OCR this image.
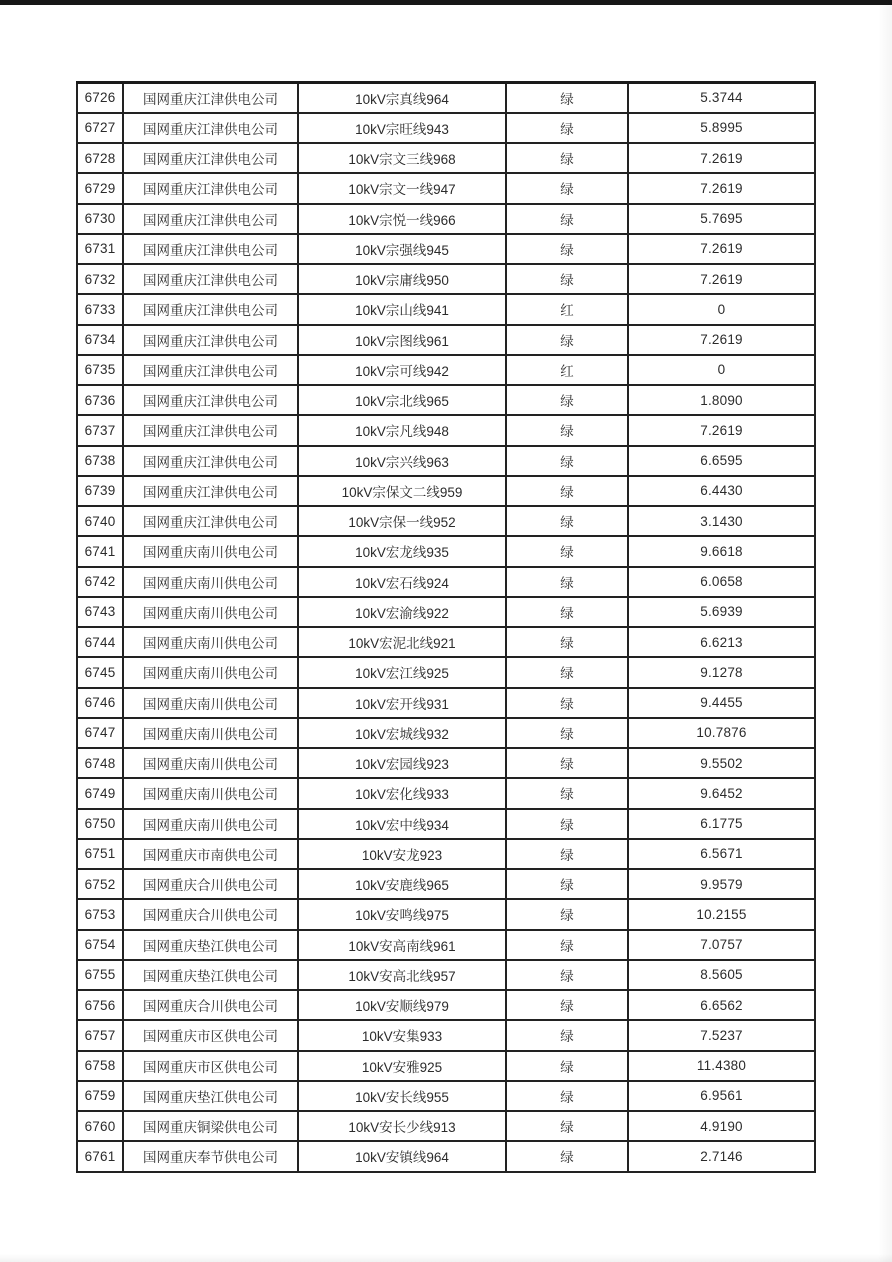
6726	国网重庆江津供电公司	10kV宗真线964	绿	5.3744
6727	国网重庆江津供电公司	10kV宗旺线943	绿	5.8995
6728	国网重庆江津供电公司	10kV宗文三线968	绿	7.2619
6729	国网重庆江津供电公司	10kV宗文一线947	绿	7.2619
6730	国网重庆江津供电公司	10kV宗悦一线966	绿	5.7695
6731	国网重庆江津供电公司	10kV宗强线945	绿	7.2619
6732	国网重庆江津供电公司	10kV宗庸线950	绿	7.2619
6733	国网重庆江津供电公司	10kV宗山线941	红	0
6734	国网重庆江津供电公司	10kV宗图线961	绿	7.2619
6735	国网重庆江津供电公司	10kV宗可线942	红	0
6736	国网重庆江津供电公司	10kV宗北线965	绿	1.8090
6737	国网重庆江津供电公司	10kV宗凡线948	绿	7.2619
6738	国网重庆江津供电公司	10kV宗兴线963	绿	6.6595
6739	国网重庆江津供电公司	10kV宗保文二线959	绿	6.4430
6740	国网重庆江津供电公司	10kV宗保一线952	绿	3.1430
6741	国网重庆南川供电公司	10kV宏龙线935	绿	9.6618
6742	国网重庆南川供电公司	10kV宏石线924	绿	6.0658
6743	国网重庆南川供电公司	10kV宏渝线922	绿	5.6939
6744	国网重庆南川供电公司	10kV宏泥北线921	绿	6.6213
6745	国网重庆南川供电公司	10kV宏江线925	绿	9.1278
6746	国网重庆南川供电公司	10kV宏开线931	绿	9.4455
6747	国网重庆南川供电公司	10kV宏城线932	绿	10.7876
6748	国网重庆南川供电公司	10kV宏园线923	绿	9.5502
6749	国网重庆南川供电公司	10kV宏化线933	绿	9.6452
6750	国网重庆南川供电公司	10kV宏中线934	绿	6.1775
6751	国网重庆市南供电公司	10kV安龙923	绿	6.5671
6752	国网重庆合川供电公司	10kV安鹿线965	绿	9.9579
6753	国网重庆合川供电公司	10kV安鸣线975	绿	10.2155
6754	国网重庆垫江供电公司	10kV安高南线961	绿	7.0757
6755	国网重庆垫江供电公司	10kV安高北线957	绿	8.5605
6756	国网重庆合川供电公司	10kV安顺线979	绿	6.6562
6757	国网重庆市区供电公司	10kV安集933	绿	7.5237
6758	国网重庆市区供电公司	10kV安雅925	绿	11.4380
6759	国网重庆垫江供电公司	10kV安长线955	绿	6.9561
6760	国网重庆铜梁供电公司	10kV安长少线913	绿	4.9190
6761	国网重庆奉节供电公司	10kV安镇线964	绿	2.7146
